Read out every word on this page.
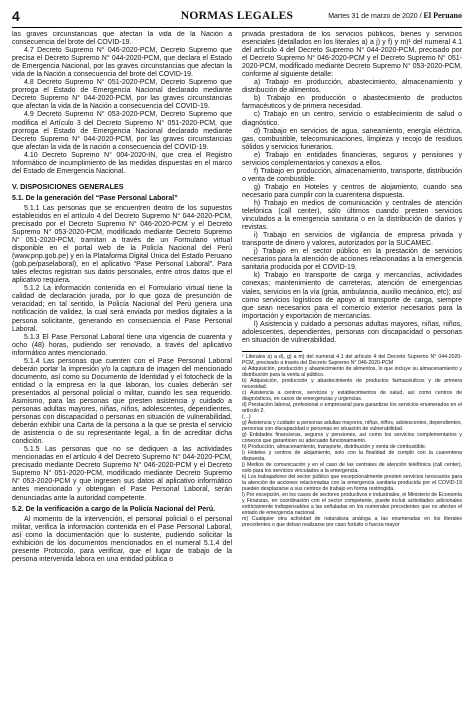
4	NORMAS LEGALES	Martes 31 de marzo de 2020 / El Peruano

las graves circunstancias que afectan la vida de la Nación a consecuencia del brote del COVID-19.

4.7 Decreto Supremo N° 046-2020-PCM, Decreto Supremo que precisa el Decreto Supremo N° 044-2020-PCM, que declara el Estado de Emergencia Nacional, por las graves circunstancias que afectan la vida de la Nación a consecuencia del brote del COVID-19.

4.8 Decreto Supremo N° 051-2020-PCM, Decreto Supremo que prorroga el Estado de Emergencia Nacional declarado mediante Decreto Supremo N° 044-2020-PCM, por las graves circunstancias que afectan la vida de la Nación a consecuencia del COVID-19.

4.9 Decreto Supremo N° 053-2020-PCM, Decreto Supremo que modifica el Artículo 3 del Decreto Supremo N° 051-2020-PCM, que prorroga el Estado de Emergencia Nacional declarado mediante Decreto Supremo N° 044-2020-PCM, por las graves circunstancias que afectan la vida de la nación a consecuencia del COVID-19.

4.10 Decreto Supremo N° 004-2020-IN, que crea el Registro Informático de incumplimiento de las medidas dispuestas en el marco del Estado de Emergencia Nacional.

V. DISPOSICIONES GENERALES
5.1. De la generación del “Pase Personal Laboral”

5.1.1 Las personas que se encuentren dentro de los supuestos establecidos en el artículo 4 del Decreto Supremo N° 044-2020-PCM, precisado por el Decreto Supremo N° 046-2020-PCM y el Decreto Supremo N° 053-2020-PCM, modificado mediante Decreto Supremo N° 051-2020-PCM, tramitan a través de un Formulario virtual disponible en el portal web de la Policía Nacional del Perú (www.pnp.gob.pe) y en la Plataforma Digital Única del Estado Peruano (gob.pe/paselaboral), en el aplicativo “Pase Personal Laboral”. Para tales efectos registran sus datos personales, entre otros datos que el aplicativo requiera.

5.1.2 La información contenida en el Formulario virtual tiene la calidad de declaración jurada, por lo que goza de presunción de veracidad; en tal sentido, la Policía Nacional del Perú genera una notificación de validez, la cual será enviada por medios digitales a la persona solicitante, generando en consecuencia el Pase Personal Laboral.

5.1.3 El Pase Personal Laboral tiene una vigencia de cuarenta y ocho (48) horas, pudiendo ser renovado, a través del aplicativo informático antes mencionado.

5.1.4 Las personas que cuenten con el Pase Personal Laboral deberán portar la impresión y/o la captura de imagen del mencionado documento, así como su Documento de Identidad y el fotocheck de la entidad o la empresa en la que laboran, los cuales deberán ser presentados al personal policial o militar, cuando les sea requerido. Asimismo, para las personas que presten asistencia y cuidado a personas adultas mayores, niñas, niños, adolescentes, dependientes, personas con discapacidad o personas en situación de vulnerabilidad, deberán exhibir una Carta de la persona a la que se presta el servicio de asistencia o de su representante legal, a fin de acreditar dicha condición.

5.1.5 Las personas que no se dediquen a las actividades mencionadas en el artículo 4 del Decreto Supremo N° 044-2020-PCM, precisado mediante Decreto Supremo N° 046-2020-PCM y el Decreto Supremo N° 051-2020-PCM, modificado mediante Decreto Supremo N° 053-2020-PCM y que ingresen sus datos al aplicativo informático antes mencionado y obtengan el Pase Personal Laboral, serán denunciadas ante la autoridad competente.

5.2. De la verificación a cargo de la Policía Nacional del Perú.

Al momento de la intervención, el personal policial o el personal militar, verifica la información contenida en el Pase Personal Laboral, así como la documentación que lo sustente, pudiendo solicitar la exhibición de los documentos mencionados en el numeral 5.1.4 del presente Protocolo, para verificar, que el lugar de trabajo de la persona intervenida labora en una entidad pública o

privada prestadora de los servicios públicos, bienes y servicios esenciales (detallados en los literales a) a j) y f) y m)¹ del numeral 4.1 del artículo 4 del Decreto Supremo N° 044-2020-PCM, precisado por el Decreto Supremo N° 046-2020-PCM y el Decreto Supremo N° 051-2020-PCM, modificado mediante Decreto Supremo N° 053-2020-PCM, conforme al siguiente detalle:

a) Trabajo en producción, abastecimiento, almacenamiento y distribución de alimentos.

b) Trabajo en producción o abastecimiento de productos farmacéuticos y de primera necesidad.

c) Trabajo en un centro, servicio o establecimiento de salud o diagnóstico.

d) Trabajo en servicios de agua, saneamiento, energía eléctrica, gas, combustible, telecomunicaciones, limpieza y recojo de residuos sólidos y servicios funerarios.

e) Trabajo en entidades financieras, seguros y pensiones y servicios complementarios y conexos a ellos.

f) Trabajo en producción, almacenamiento, transporte, distribución o venta de combustible.

g) Trabajo en Hoteles y centros de alojamiento, cuando sea necesario para cumplir con la cuarentena dispuesta.

h) Trabajo en medios de comunicación y centrales de atención telefónica (call center), sólo últimos cuando presten servicios vinculados a la emergencia sanitaria o en la distribución de diarios y revistas.

i) Trabajo en servicios de vigilancia de empresa privada y transporte de dinero y valores, autorizados por la SUCAMEC.

j) Trabajo en el sector público en la prestación de servicios necesarios para la atención de acciones relacionadas a la emergencia sanitaria producida por el COVID-19.

k) Trabajo en transporte de carga y mercancías, actividades conexas; mantenimiento de carreteras, atención de emergencias viales, servicios en la vía (grúa, ambulancia, auxilio mecánico, etc); así como servicios logísticos de apoyo al transporte de carga, siempre que sean necesarios para el comercio exterior necesarios para la importación y exportación de mercancías.

l) Asistencia y cuidado a personas adultas mayores, niñas, niños, adolescentes, dependientes, personas con discapacidad o personas en situación de vulnerabilidad.

¹ Literales a) a d), g) a m) del numeral 4.1 del artículo 4 del Decreto Supremo N° 044-2020-PCM, precisado a través del Decreto Supremo N° 046-2020-PCM

a) Adquisición, producción y abastecimiento de alimentos, lo que incluye su almacenamiento y distribución para la venta al público.

b) Adquisición, producción y abastecimiento de productos farmacéuticos y de primera necesidad.

c) Asistencia a centros, servicios y establecimientos de salud, así como centros de diagnósticos, en casos de emergencias y urgencias.

d) Prestación laboral, profesional o empresarial para garantizar los servicios enumerados en el artículo 2.

(…)

g) Asistencia y cuidado a personas adultas mayores, niñas, niños, adolescentes, dependientes, personas con discapacidad o personas en situación de vulnerabilidad.

g) Entidades financieras, seguros y pensiones, así como los servicios complementarios y conexos que garanticen su adecuado funcionamiento.

h) Producción, almacenamiento, transporte, distribución y venta de combustible.

i) Hoteles y centros de alojamiento, solo con la finalidad de cumplir con la cuarentena dispuesta.

j) Medios de comunicación y en el caso de las centrales de atención telefónica (call center), solo para los servicios vinculados a la emergencia.

k) Los trabajadores del sector público que excepcionalmente presten servicios necesarios para la atención de acciones relacionadas con la emergencia sanitaria producida por el COVID-19 pueden desplazarse a sus centros de trabajo en forma restringida.

l) Por excepción, en los casos de sectores productivos e industriales, el Ministerio de Economía y Finanzas, en coordinación con el sector competente, puede incluir actividades adicionales estrictamente indispensables a las señaladas en los numerales precedentes que no afecten el estado de emergencia nacional.

m) Cualquier otra actividad de naturaleza análoga a las enumeradas en los literales precedentes o que deban realizarse por caso fortuito o fuerza mayor
